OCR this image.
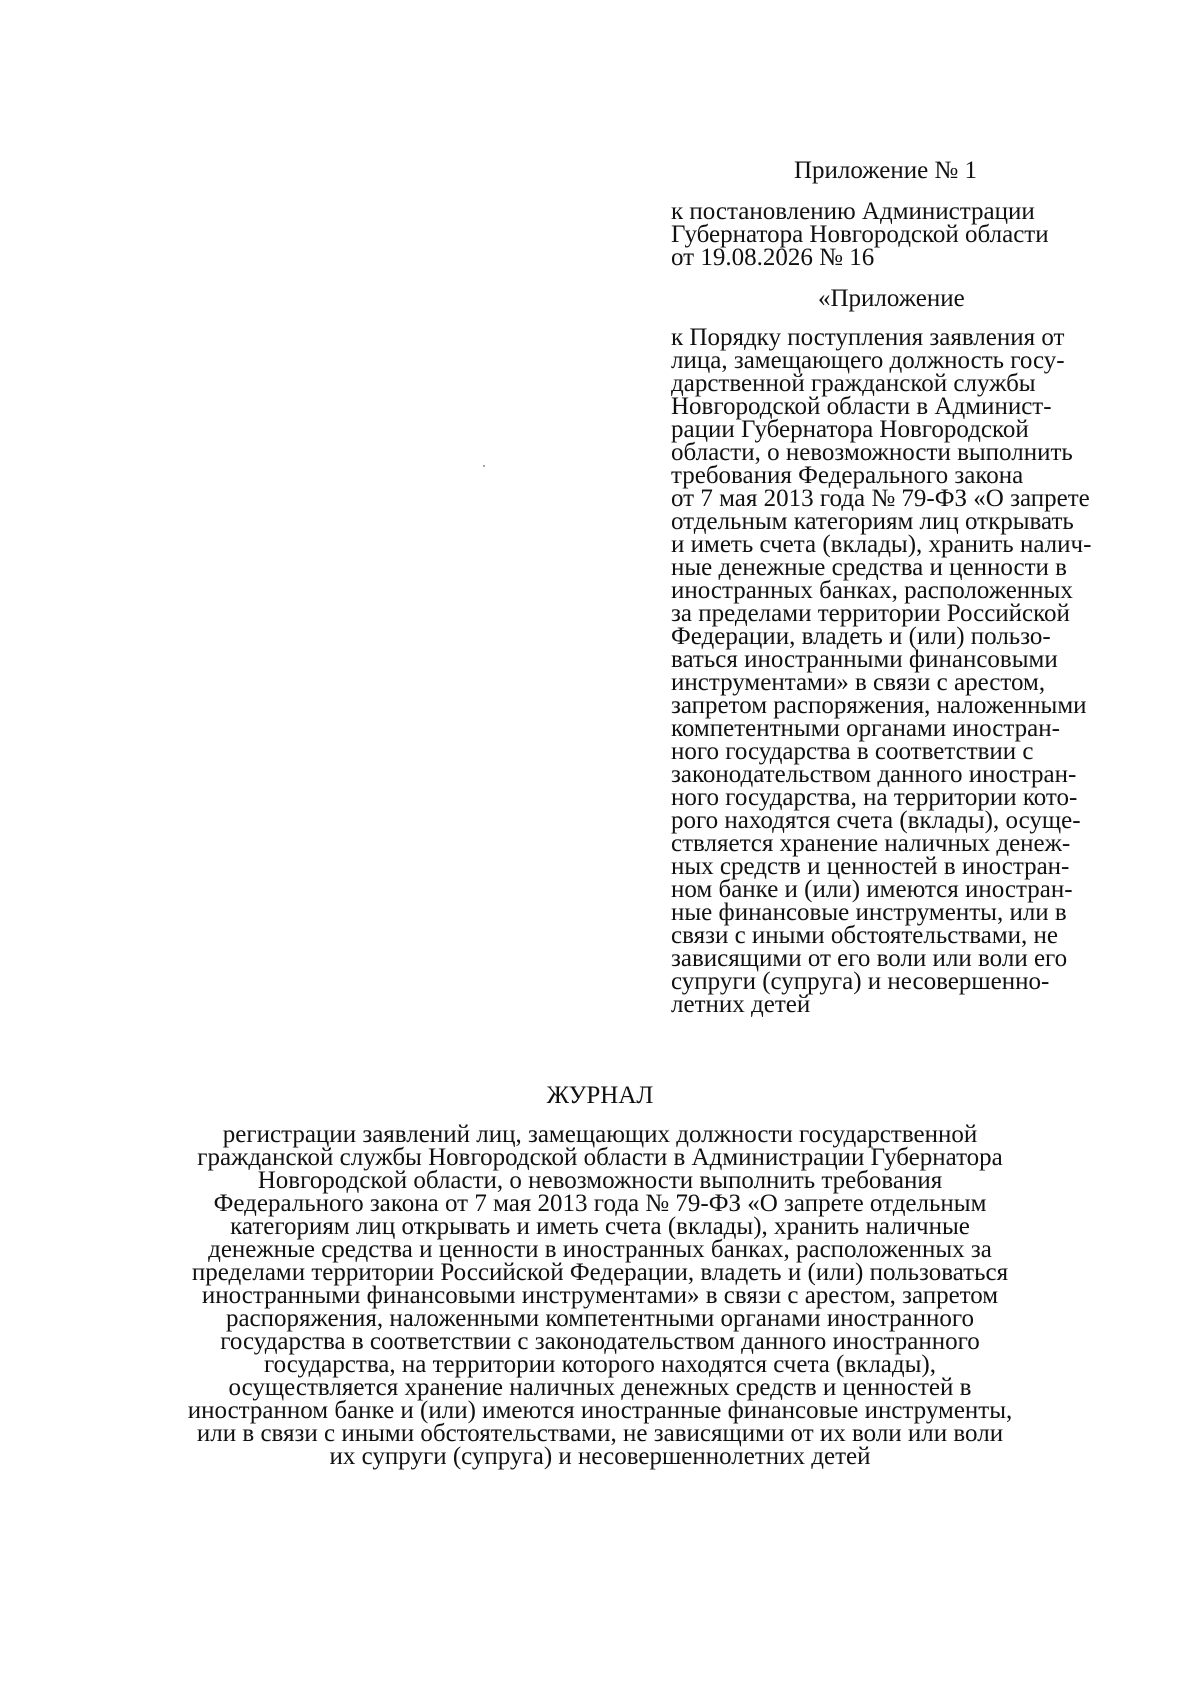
Приложение № 1
к постановлению Администрации
Губернатора Новгородской области
от 19.08.2026 № 16
«Приложение
к Порядку поступления заявления от
лица, замещающего должность госу-
дарственной гражданской службы
Новгородской области в Админист-
рации Губернатора Новгородской
области, о невозможности выполнить
требования Федерального закона
от 7 мая 2013 года № 79-ФЗ «О запрете
отдельным категориям лиц открывать
и иметь счета (вклады), хранить налич-
ные денежные средства и ценности в
иностранных банках, расположенных
за пределами территории Российской
Федерации, владеть и (или) пользо-
ваться иностранными финансовыми
инструментами» в связи с арестом,
запретом распоряжения, наложенными
компетентными органами иностран-
ного государства в соответствии с
законодательством данного иностран-
ного государства, на территории кото-
рого находятся счета (вклады), осуще-
ствляется хранение наличных денеж-
ных средств и ценностей в иностран-
ном банке и (или) имеются иностран-
ные финансовые инструменты, или в
связи с иными обстоятельствами, не
зависящими от его воли или воли его
супруги (супруга) и несовершенно-
летних детей
ЖУРНАЛ
регистрации заявлений лиц, замещающих должности государственной
гражданской службы Новгородской области в Администрации Губернатора
Новгородской области, о невозможности выполнить требования
Федерального закона от 7 мая 2013 года № 79-ФЗ «О запрете отдельным
категориям лиц открывать и иметь счета (вклады), хранить наличные
денежные средства и ценности в иностранных банках, расположенных за
пределами территории Российской Федерации, владеть и (или) пользоваться
иностранными финансовыми инструментами» в связи с арестом, запретом
распоряжения, наложенными компетентными органами иностранного
государства в соответствии с законодательством данного иностранного
государства, на территории которого находятся счета (вклады),
осуществляется хранение наличных денежных средств и ценностей в
иностранном банке и (или) имеются иностранные финансовые инструменты,
или в связи с иными обстоятельствами, не зависящими от их воли или воли
их супруги (супруга) и несовершеннолетних детей
